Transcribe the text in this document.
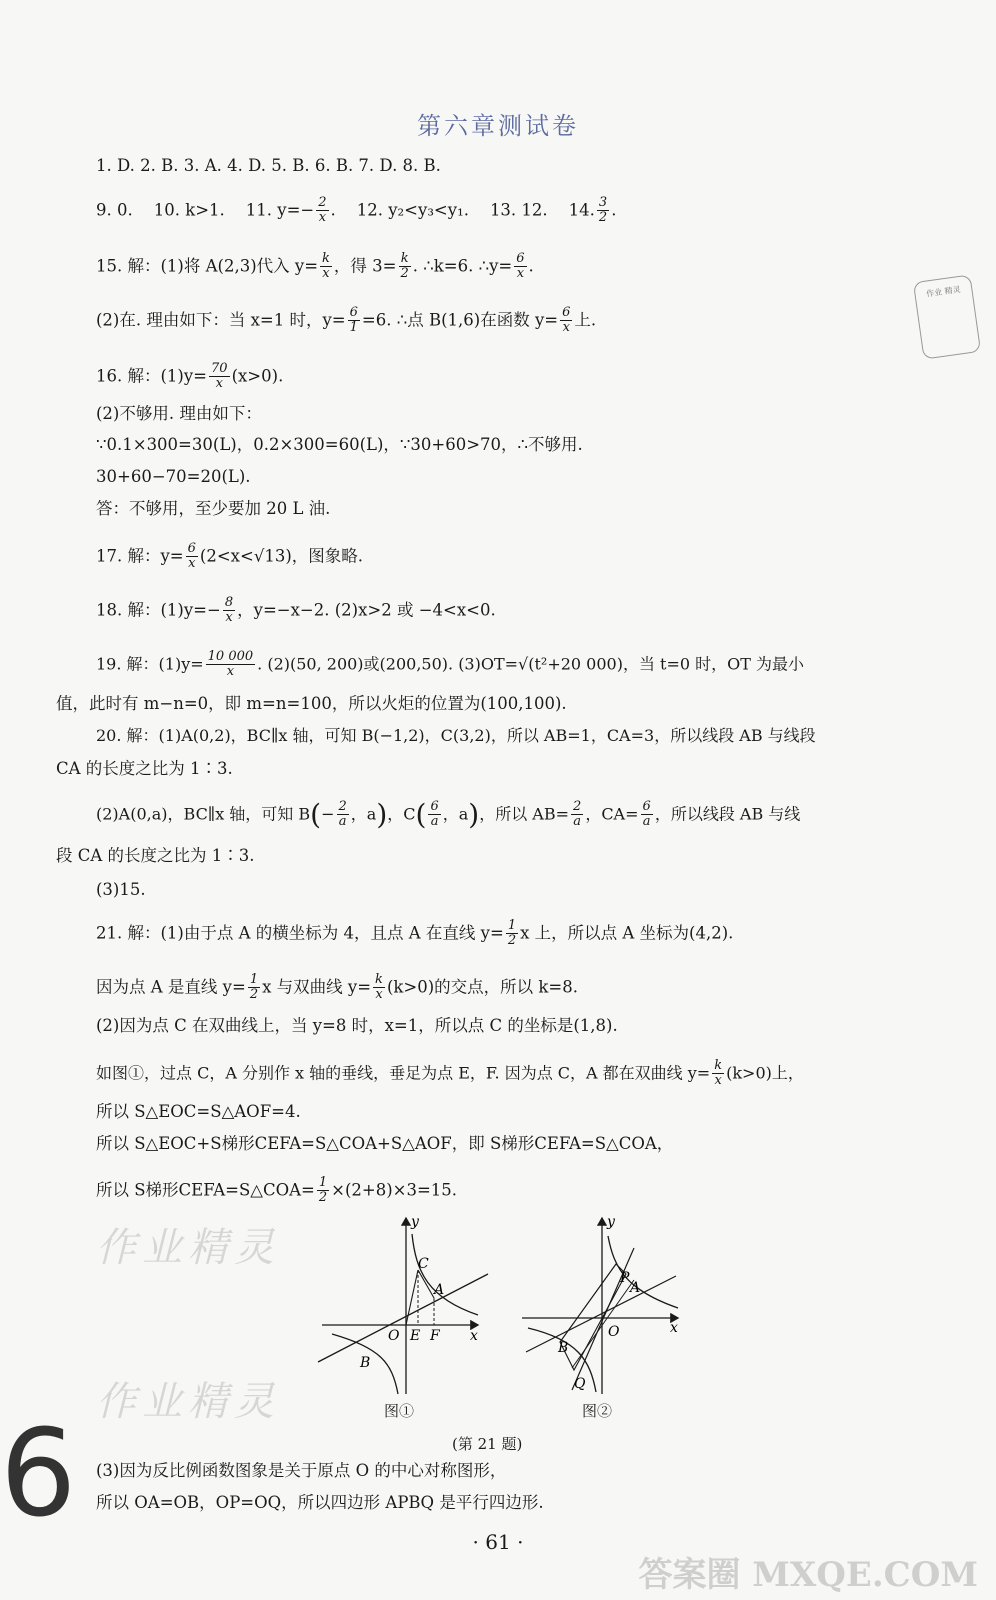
第六章测试卷
1. D. 2. B. 3. A. 4. D. 5. B. 6. B. 7. D. 8. B.
9. 0. 10. k>1. 11. $y=- \frac{2}{x}$ . 12. y₂<y₃<y₁. 13. 12. 14. $\frac{3}{2}$ .
15. 解：(1)将 A(2,3)代入 $y= \frac{k}{x}$ ，得 $3= \frac{k}{2}$ . ∴k=6. ∴y= $\frac{6}{x}$ .
(2)在. 理由如下：当 x=1 时，$y= \frac{6}{1} =6$. ∴点 B(1,6)在函数 $y= \frac{6}{x}$ 上.
16. 解：$(1)y= \frac{70}{x} (x>0)$.
(2)不够用. 理由如下：
∵0.1×300=30(L)，0.2×300=60(L)，∵30+60>70，∴不够用.
30+60−70=20(L).
答：不够用，至少要加 20 L 油.
17. 解：$y= \frac{6}{x} (2<x<√13)$，图象略.
18. 解：$(1)y=- \frac{8}{x}$ ，y=−x−2. (2)x>2 或 −4<x<0.
19. 解：$(1)y= \frac{10 000}{x}$ . (2)(50, 200)或(200,50). (3)OT=√(t²+20 000)，当 t=0 时，OT 为最小
值，此时有 m−n=0，即 m=n=100，所以火炬的位置为(100,100).
20. 解：(1)A(0,2)，BC∥x 轴，可知 B(−1,2)，C(3,2)，所以 AB=1，CA=3，所以线段 AB 与线段
CA 的长度之比为 1∶3.
(2)A(0,a)，BC∥x 轴，可知 $B(- \frac{2}{a}$ ，a)，$C( \frac{6}{a}$ ，a)，所以 $AB= \frac{2}{a}$ ，$CA= \frac{6}{a}$ ，所以线段 AB 与线
段 CA 的长度之比为 1∶3.
(3)15.
21. 解：(1)由于点 A 的横坐标为 4，且点 A 在直线 $y= \frac{1}{2}$ x 上，所以点 A 坐标为(4,2).
因为点 A 是直线 $y= \frac{1}{2}$ x 与双曲线 $y= \frac{k}{x} (k>0)$的交点，所以 k=8.
(2)因为点 C 在双曲线上，当 y=8 时，x=1，所以点 C 的坐标是(1,8).
如图①，过点 C，A 分别作 x 轴的垂线，垂足为点 E，F. 因为点 C，A 都在双曲线 $y= \frac{k}{x} (k>0)$上，
所以 S△EOC=S△AOF=4.
所以 S△EOC+S梯形CEFA=S△COA+S△AOF，即 S梯形CEFA=S△COA，
所以 S梯形CEFA=S△COA= $\frac{1}{2} \times(2+8)\times 3=15$.
y
x
C
A
O E F
B
y
x
P
A
O
B
Q
图①	图②
(第 21 题)
(3)因为反比例函数图象是关于原点 O 的中心对称图形，
所以 OA=OB，OP=OQ，所以四边形 APBQ 是平行四边形.
· 61 ·
作业 精灵
作业精灵
作业精灵
答案圈 MXQE.COM
6
